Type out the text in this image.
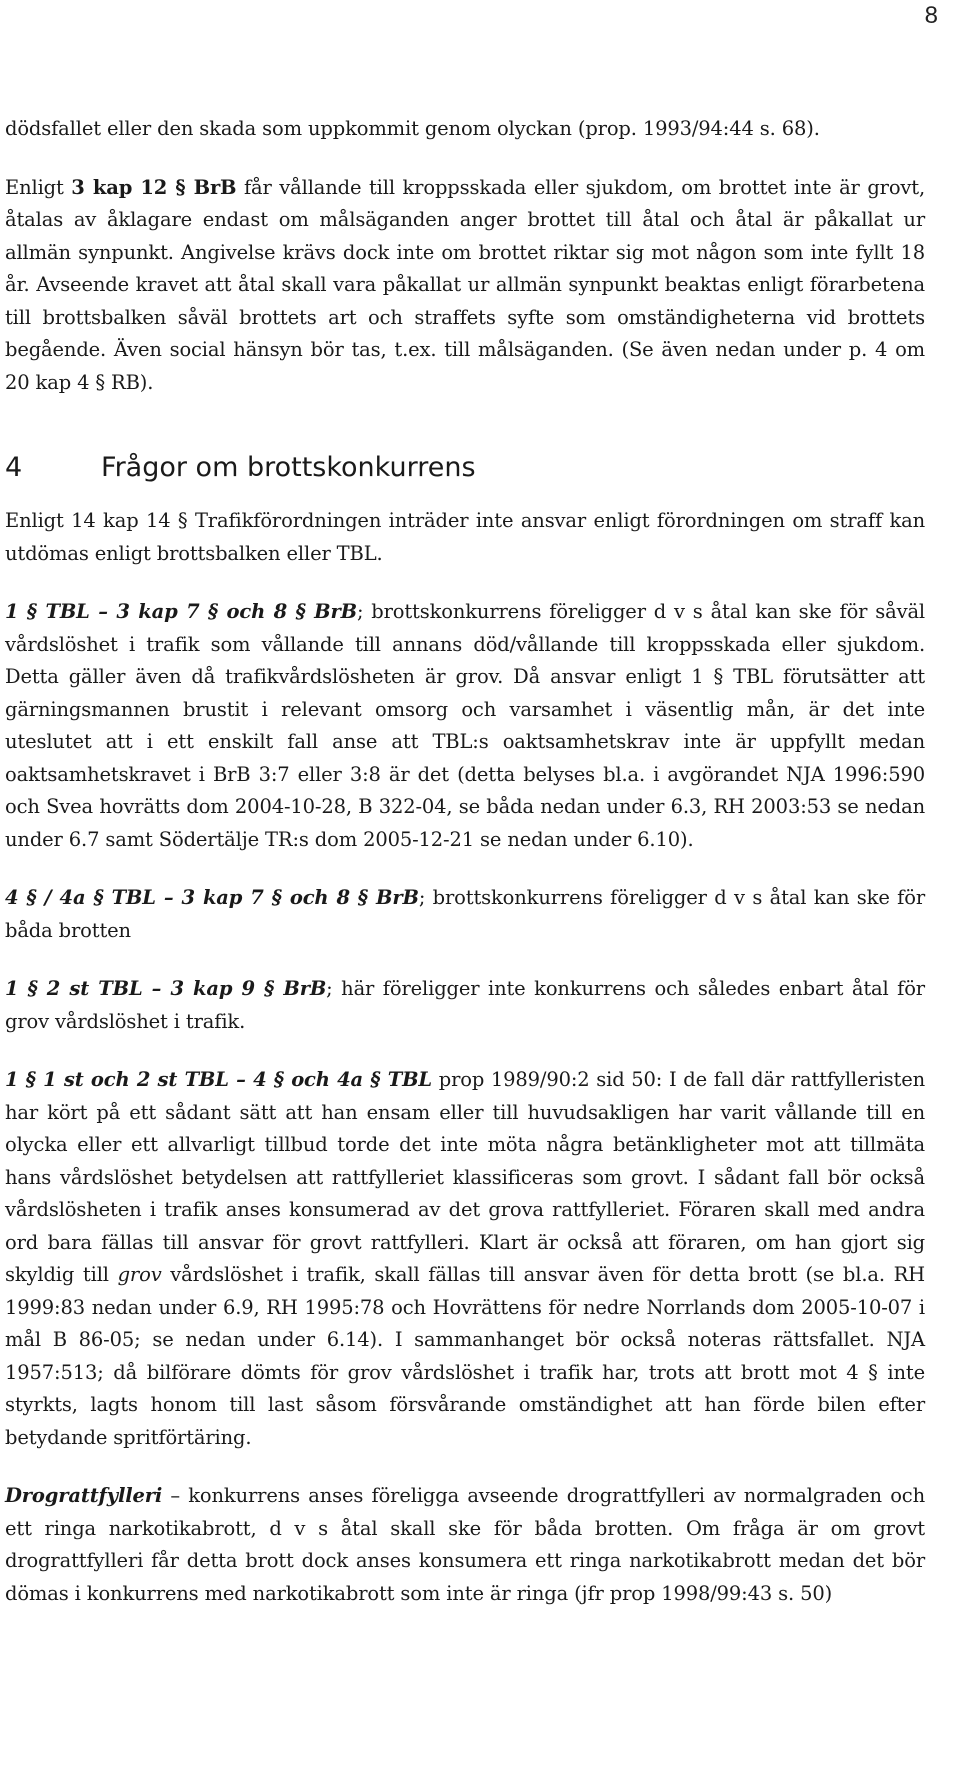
8

dödsfallet eller den skada som uppkommit genom olyckan (prop. 1993/94:44 s. 68).

Enligt 3 kap 12 § BrB får vållande till kroppsskada eller sjukdom, om brottet inte är grovt, åtalas av åklagare endast om målsäganden anger brottet till åtal och åtal är påkallat ur allmän synpunkt. Angivelse krävs dock inte om brottet riktar sig mot någon som inte fyllt 18 år. Avseende kravet att åtal skall vara påkallat ur allmän synpunkt beaktas enligt förarbetena till brottsbalken såväl brottets art och straffets syfte som omständigheterna vid brottets begående. Även social hänsyn bör tas, t.ex. till målsäganden. (Se även nedan under p. 4 om 20 kap 4 § RB).

4	Frågor om brottskonkurrens

Enligt 14 kap 14 § Trafikförordningen inträder inte ansvar enligt förordningen om straff kan utdömas enligt brottsbalken eller TBL.

1 § TBL – 3 kap 7 § och 8 § BrB; brottskonkurrens föreligger d v s åtal kan ske för såväl vårdslöshet i trafik som vållande till annans död/vållande till kroppsskada eller sjukdom. Detta gäller även då trafikvårdslösheten är grov. Då ansvar enligt 1 § TBL förutsätter att gärningsmannen brustit i relevant omsorg och varsamhet i väsentlig mån, är det inte uteslutet att i ett enskilt fall anse att TBL:s oaktsamhetskrav inte är uppfyllt medan oaktsamhetskravet i BrB 3:7 eller 3:8 är det (detta belyses bl.a. i avgörandet NJA 1996:590 och Svea hovrätts dom 2004-10-28, B 322-04, se båda nedan under 6.3, RH 2003:53 se nedan under 6.7 samt Södertälje TR:s dom 2005-12-21 se nedan under 6.10).

4 § / 4a § TBL – 3 kap 7 § och 8 § BrB; brottskonkurrens föreligger d v s åtal kan ske för båda brotten

1 § 2 st TBL – 3 kap 9 § BrB; här föreligger inte konkurrens och således enbart åtal för grov vårdslöshet i trafik.

1 § 1 st och 2 st TBL – 4 § och 4a § TBL prop 1989/90:2 sid 50: I de fall där rattfylleristen har kört på ett sådant sätt att han ensam eller till huvudsakligen har varit vållande till en olycka eller ett allvarligt tillbud torde det inte möta några betänkligheter mot att tillmäta hans vårdslöshet betydelsen att rattfylleriet klassificeras som grovt. I sådant fall bör också vårdslösheten i trafik anses konsumerad av det grova rattfylleriet. Föraren skall med andra ord bara fällas till ansvar för grovt rattfylleri. Klart är också att föraren, om han gjort sig skyldig till grov vårdslöshet i trafik, skall fällas till ansvar även för detta brott (se bl.a. RH 1999:83 nedan under 6.9, RH 1995:78 och Hovrättens för nedre Norrlands dom 2005-10-07 i mål B 86-05; se nedan under 6.14). I sammanhanget bör också noteras rättsfallet. NJA 1957:513; då bilförare dömts för grov vårdslöshet i trafik har, trots att brott mot 4 § inte styrkts, lagts honom till last såsom försvårande omständighet att han förde bilen efter betydande spritförtäring.

Drograttfylleri – konkurrens anses föreligga avseende drograttfylleri av normalgraden och ett ringa narkotikabrott, d v s åtal skall ske för båda brotten. Om fråga är om grovt drograttfylleri får detta brott dock anses konsumera ett ringa narkotikabrott medan det bör dömas i konkurrens med narkotikabrott som inte är ringa (jfr prop 1998/99:43 s. 50)
